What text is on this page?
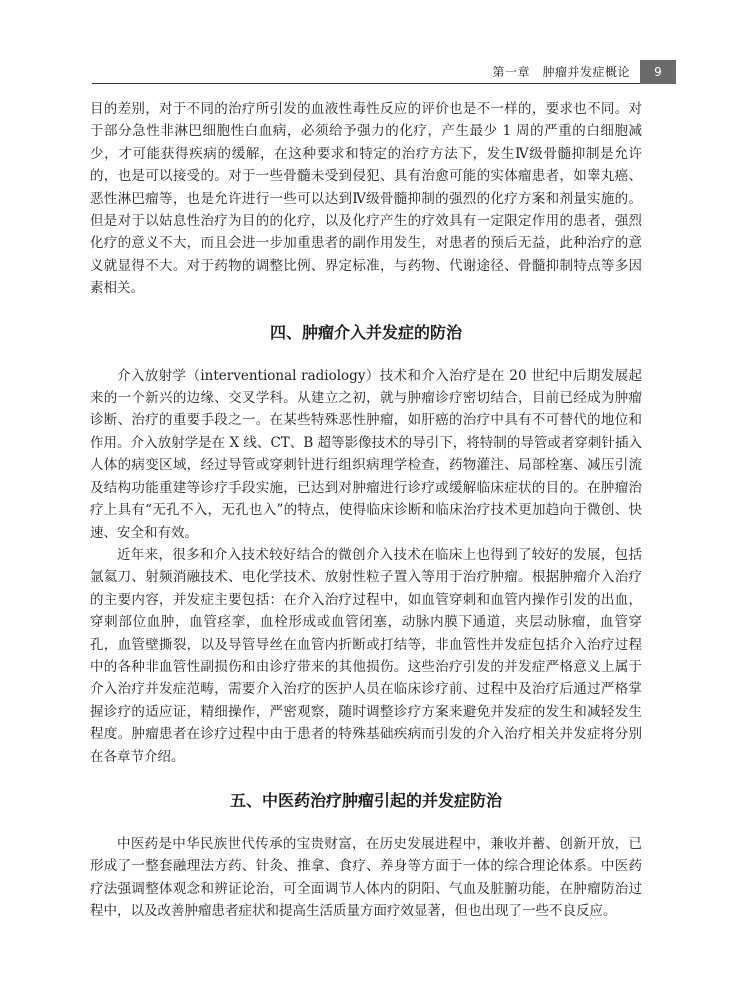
第一章　肿瘤并发症概论	9

目的差别，对于不同的治疗所引发的血液性毒性反应的评价也是不一样的，要求也不同。对于部分急性非淋巴细胞性白血病，必须给予强力的化疗，产生最少 1 周的严重的白细胞减少，才可能获得疾病的缓解，在这种要求和特定的治疗方法下，发生Ⅳ级骨髓抑制是允许的，也是可以接受的。对于一些骨髓未受到侵犯、具有治愈可能的实体瘤患者，如睾丸癌、恶性淋巴瘤等，也是允许进行一些可以达到Ⅳ级骨髓抑制的强烈的化疗方案和剂量实施的。但是对于以姑息性治疗为目的的化疗，以及化疗产生的疗效具有一定限定作用的患者，强烈化疗的意义不大，而且会进一步加重患者的副作用发生，对患者的预后无益，此种治疗的意义就显得不大。对于药物的调整比例、界定标准，与药物、代谢途径、骨髓抑制特点等多因素相关。

四、肿瘤介入并发症的防治

介入放射学（interventional radiology）技术和介入治疗是在 20 世纪中后期发展起来的一个新兴的边缘、交叉学科。从建立之初，就与肿瘤诊疗密切结合，目前已经成为肿瘤诊断、治疗的重要手段之一。在某些特殊恶性肿瘤，如肝癌的治疗中具有不可替代的地位和作用。介入放射学是在 X 线、CT、B 超等影像技术的导引下，将特制的导管或者穿刺针插入人体的病变区域，经过导管或穿刺针进行组织病理学检查，药物灌注、局部栓塞、减压引流及结构功能重建等诊疗手段实施，已达到对肿瘤进行诊疗或缓解临床症状的目的。在肿瘤治疗上具有“无孔不入，无孔也入”的特点，使得临床诊断和临床治疗技术更加趋向于微创、快速、安全和有效。

近年来，很多和介入技术较好结合的微创介入技术在临床上也得到了较好的发展，包括氩氦刀、射频消融技术、电化学技术、放射性粒子置入等用于治疗肿瘤。根据肿瘤介入治疗的主要内容，并发症主要包括：在介入治疗过程中，如血管穿刺和血管内操作引发的出血，穿刺部位血肿，血管痉挛，血栓形成或血管闭塞，动脉内膜下通道，夹层动脉瘤，血管穿孔，血管壁撕裂，以及导管导丝在血管内折断或打结等，非血管性并发症包括介入治疗过程中的各种非血管性副损伤和由诊疗带来的其他损伤。这些治疗引发的并发症严格意义上属于介入治疗并发症范畴，需要介入治疗的医护人员在临床诊疗前、过程中及治疗后通过严格掌握诊疗的适应证，精细操作，严密观察，随时调整诊疗方案来避免并发症的发生和减轻发生程度。肿瘤患者在诊疗过程中由于患者的特殊基础疾病而引发的介入治疗相关并发症将分别在各章节介绍。

五、中医药治疗肿瘤引起的并发症防治

中医药是中华民族世代传承的宝贵财富，在历史发展进程中，兼收并蓄、创新开放，已形成了一整套融理法方药、针灸、推拿、食疗、养身等方面于一体的综合理论体系。中医药疗法强调整体观念和辨证论治，可全面调节人体内的阴阳、气血及脏腑功能，在肿瘤防治过程中，以及改善肿瘤患者症状和提高生活质量方面疗效显著，但也出现了一些不良反应。
